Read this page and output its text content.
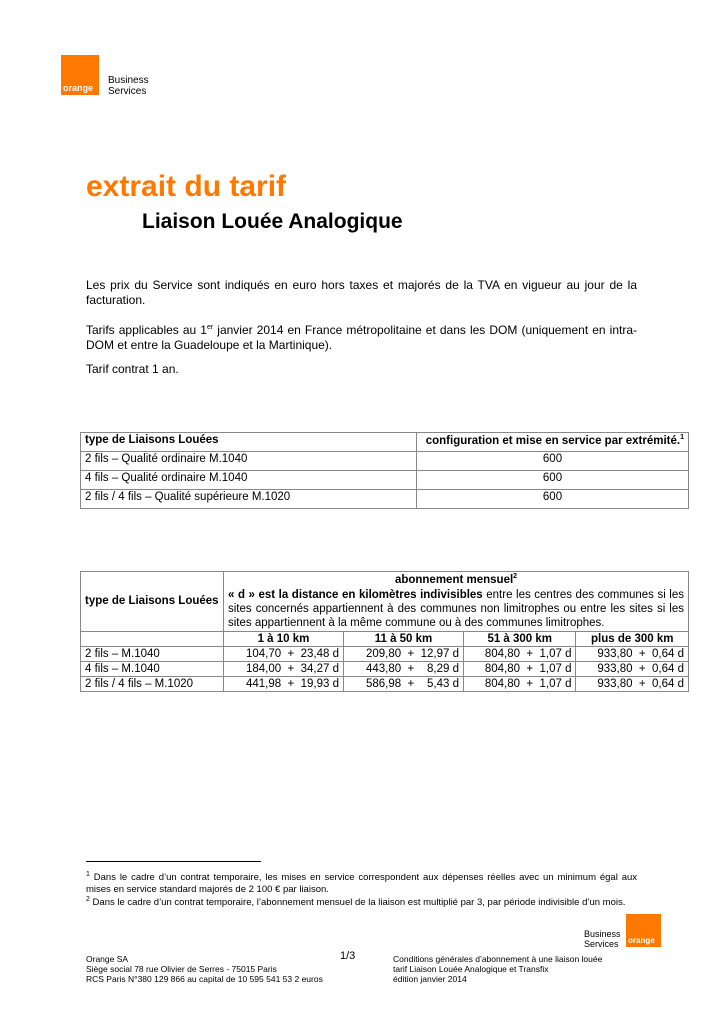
orange
Business
Services
extrait du tarif
Liaison Louée Analogique
Les prix du Service sont indiqués en euro hors taxes et majorés de la TVA en vigueur au jour de la facturation.
Tarifs applicables au 1er janvier 2014 en France métropolitaine et dans les DOM (uniquement en intra-DOM et entre la Guadeloupe et la Martinique).
Tarif contrat 1 an.
type de Liaisons Louées	configuration et mise en service par extrémité.$^1$
2 fils – Qualité ordinaire M.1040	600
4 fils – Qualité ordinaire M.1040	600
2 fils / 4 fils – Qualité supérieure M.1020	600
type de Liaisons Louées	abonnement mensuel$^2$
	« d » est la distance en kilomètres indivisibles entre les centres des communes si les sites concernés appartiennent à des communes non limitrophes ou entre les sites si les sites appartiennent à la même commune ou à des communes limitrophes.			
	1 à 10 km	11 à 50 km	51 à 300 km	plus de 300 km
2 fils – M.1040	104,70  +  23,48 d	209,80  +  12,97 d	804,80  +  1,07 d	933,80  +  0,64 d
4 fils – M.1040	184,00  +  34,27 d	443,80  +    8,29 d	804,80  +  1,07 d	933,80  +  0,64 d
2 fils / 4 fils – M.1020	441,98  +  19,93 d	586,98  +    5,43 d	804,80  +  1,07 d	933,80  +  0,64 d
$^1$ Dans le cadre d’un contrat temporaire, les mises en service correspondent aux dépenses réelles avec un minimum égal aux mises en service standard majorés de 2 100 € par liaison.
$^2$ Dans le cadre d’un contrat temporaire, l’abonnement mensuel de la liaison est multiplié par 3, par période indivisible d’un mois.
Business
Services orange
Orange SA
Siège social 78 rue Olivier de Serres - 75015 Paris
RCS Paris N°380 129 866 au capital de 10 595 541 53 2 euros
1/3	Conditions générales d’abonnement à une liaison louée
tarif Liaison Louée Analogique et Transfix
édition janvier 2014
